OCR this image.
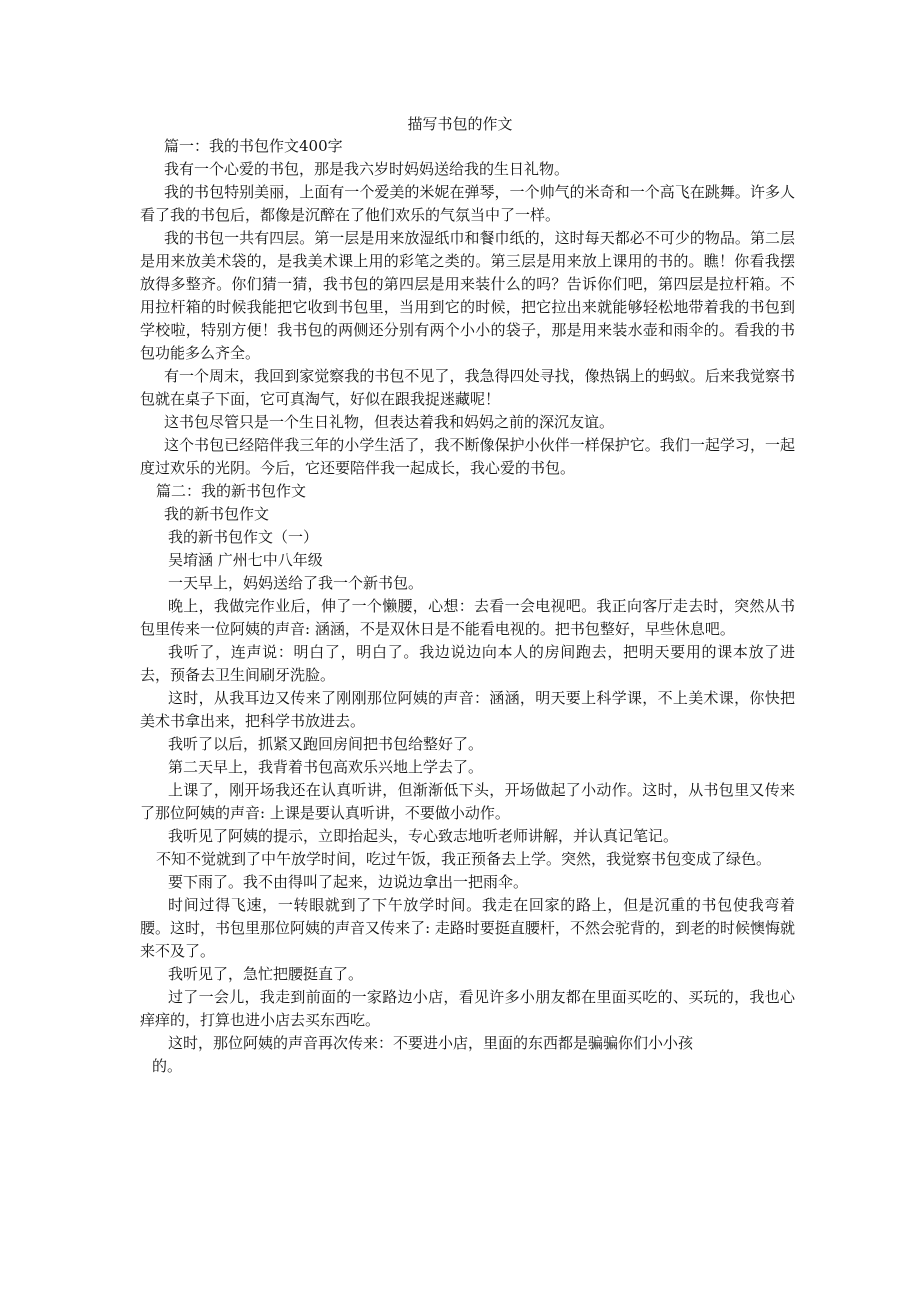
描写书包的作文

篇一：我的书包作文400字

我有一个心爱的书包，那是我六岁时妈妈送给我的生日礼物。

我的书包特别美丽，上面有一个爱美的米妮在弹琴，一个帅气的米奇和一个高飞在跳舞。许多人看了我的书包后，都像是沉醉在了他们欢乐的气氛当中了一样。

我的书包一共有四层。第一层是用来放湿纸巾和餐巾纸的，这时每天都必不可少的物品。第二层是用来放美术袋的，是我美术课上用的彩笔之类的。第三层是用来放上课用的书的。瞧！你看我摆放得多整齐。你们猜一猜，我书包的第四层是用来装什么的吗？告诉你们吧，第四层是拉杆箱。不用拉杆箱的时候我能把它收到书包里，当用到它的时候，把它拉出来就能够轻松地带着我的书包到学校啦，特别方便！我书包的两侧还分别有两个小小的袋子，那是用来装水壶和雨伞的。看我的书包功能多么齐全。

有一个周末，我回到家觉察我的书包不见了，我急得四处寻找，像热锅上的蚂蚁。后来我觉察书包就在桌子下面，它可真淘气，好似在跟我捉迷藏呢！

这书包尽管只是一个生日礼物，但表达着我和妈妈之前的深沉友谊。

这个书包已经陪伴我三年的小学生活了，我不断像保护小伙伴一样保护它。我们一起学习，一起度过欢乐的光阴。今后，它还要陪伴我一起成长，我心爱的书包。

篇二：我的新书包作文

我的新书包作文

我的新书包作文（一）

吴堉涵 广州七中八年级

一天早上，妈妈送给了我一个新书包。

晚上，我做完作业后，伸了一个懒腰，心想：去看一会电视吧。我正向客厅走去时，突然从书包里传来一位阿姨的声音: 涵涵，不是双休日是不能看电视的。把书包整好，早些休息吧。

我听了，连声说：明白了，明白了。我边说边向本人的房间跑去，把明天要用的课本放了进去，预备去卫生间刷牙洗脸。

这时，从我耳边又传来了刚刚那位阿姨的声音：涵涵，明天要上科学课，不上美术课，你快把美术书拿出来，把科学书放进去。

我听了以后，抓紧又跑回房间把书包给整好了。

第二天早上，我背着书包高欢乐兴地上学去了。

上课了，刚开场我还在认真听讲，但渐渐低下头，开场做起了小动作。这时，从书包里又传来了那位阿姨的声音: 上课是要认真听讲，不要做小动作。

我听见了阿姨的提示，立即抬起头，专心致志地听老师讲解，并认真记笔记。

不知不觉就到了中午放学时间，吃过午饭，我正预备去上学。突然，我觉察书包变成了绿色。

要下雨了。我不由得叫了起来，边说边拿出一把雨伞。

时间过得飞速，一转眼就到了下午放学时间。我走在回家的路上，但是沉重的书包使我弯着腰。这时，书包里那位阿姨的声音又传来了: 走路时要挺直腰杆，不然会驼背的，到老的时候懊悔就来不及了。

我听见了，急忙把腰挺直了。

过了一会儿，我走到前面的一家路边小店，看见许多小朋友都在里面买吃的、买玩的，我也心痒痒的，打算也进小店去买东西吃。

这时，那位阿姨的声音再次传来：不要进小店，里面的东西都是骗骗你们小小孩

的。
